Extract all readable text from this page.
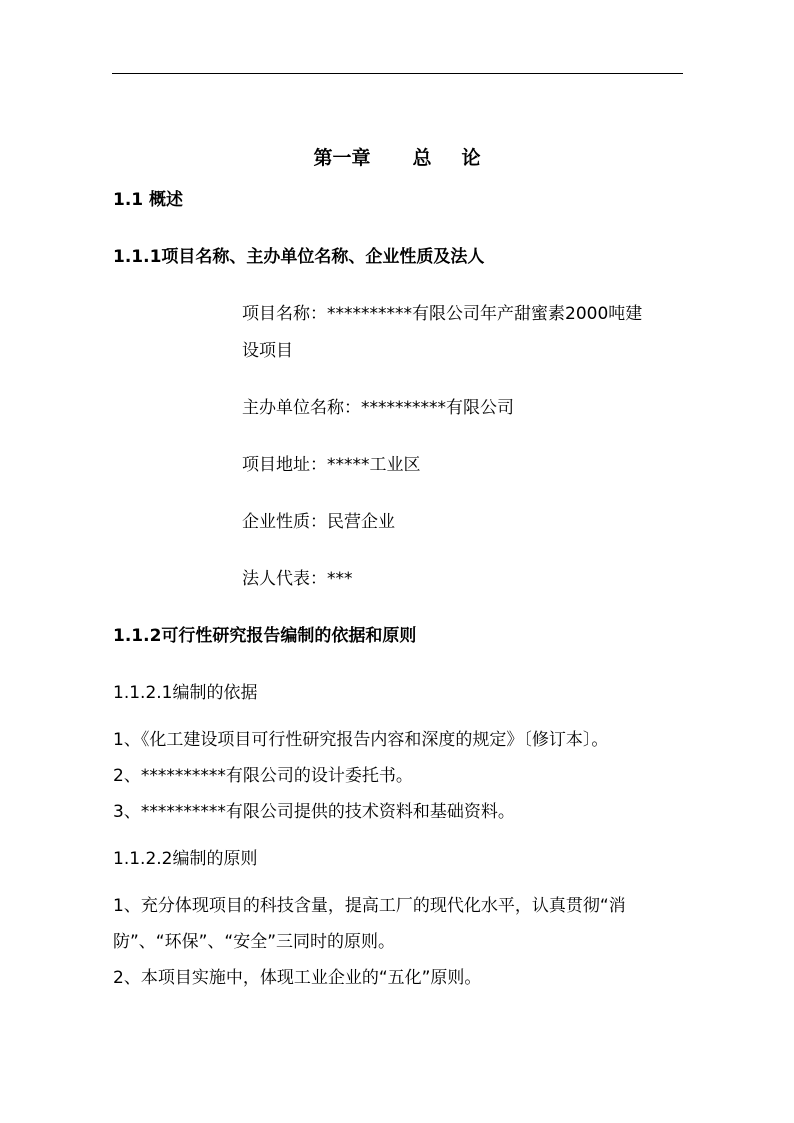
第一章 总 论
1.1 概述
1.1.1项目名称、主办单位名称、企业性质及法人
项目名称：**********有限公司年产甜蜜素2000吨建
设项目
主办单位名称：**********有限公司
项目地址：*****工业区
企业性质：民营企业
法人代表：***
1.1.2可行性研究报告编制的依据和原则
1.1.2.1编制的依据
1、《化工建设项目可行性研究报告内容和深度的规定》〔修订本〕。
2、**********有限公司的设计委托书。
3、**********有限公司提供的技术资料和基础资料。
1.1.2.2编制的原则
1、充分体现项目的科技含量，提高工厂的现代化水平，认真贯彻“消
防”、“环保”、“安全”三同时的原则。
2、本项目实施中，体现工业企业的“五化”原则。
